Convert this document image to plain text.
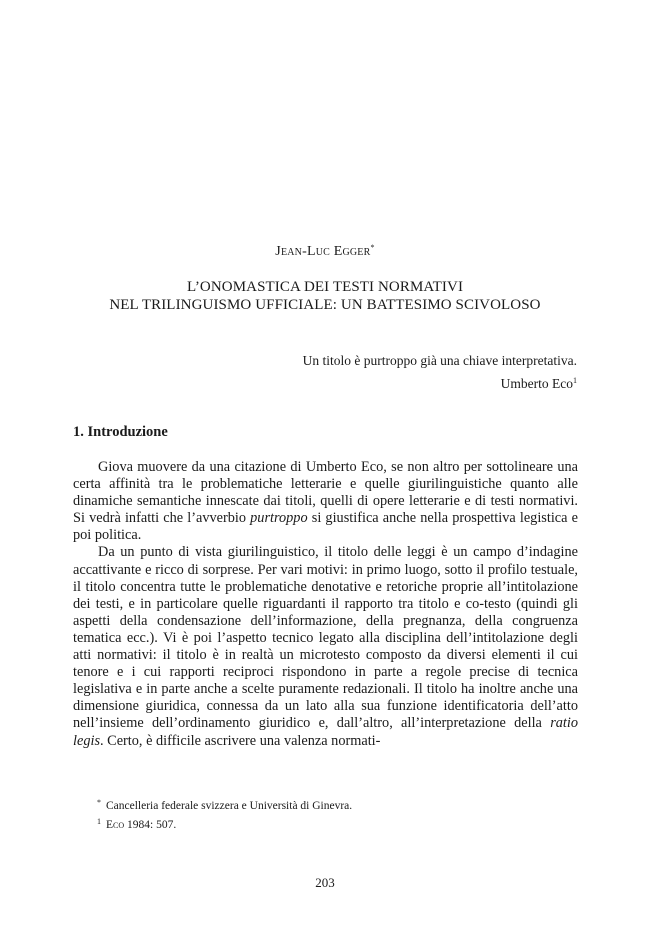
Jean-Luc Egger*
L’ONOMASTICA DEI TESTI NORMATIVI
NEL TRILINGUISMO UFFICIALE: UN BATTESIMO SCIVOLOSO
Un titolo è purtroppo già una chiave interpretativa.
Umberto Eco$^1$
1. Introduzione

Giova muovere da una citazione di Umberto Eco, se non altro per sottolineare una certa affinità tra le problematiche letterarie e quelle giurilinguistiche quanto alle dinamiche semantiche innescate dai titoli, quelli di opere letterarie e di testi normativi. Si vedrà infatti che l’avverbio purtroppo si giustifica anche nella prospettiva legistica e poi politica.

Da un punto di vista giurilinguistico, il titolo delle leggi è un campo d’indagine accattivante e ricco di sorprese. Per vari motivi: in primo luogo, sotto il profilo testuale, il titolo concentra tutte le problematiche denotative e retoriche proprie all’intitolazione dei testi, e in particolare quelle riguardanti il rapporto tra titolo e co-testo (quindi gli aspetti della condensazione dell’informazione, della pregnanza, della congruenza tematica ecc.). Vi è poi l’aspetto tecnico legato alla disciplina dell’intitolazione degli atti normativi: il titolo è in realtà un microtesto composto da diversi elementi il cui tenore e i cui rapporti reciproci rispondono in parte a regole precise di tecnica legislativa e in parte anche a scelte puramente redazionali. Il titolo ha inoltre anche una dimensione giuridica, connessa da un lato alla sua funzione identificatoria dell’atto nell’insieme dell’ordinamento giuridico e, dall’altro, all’interpretazione della ratio legis. Certo, è difficile ascrivere una valenza normati-

* Cancelleria federale svizzera e Università di Ginevra.
1 Eco 1984: 507.
203
